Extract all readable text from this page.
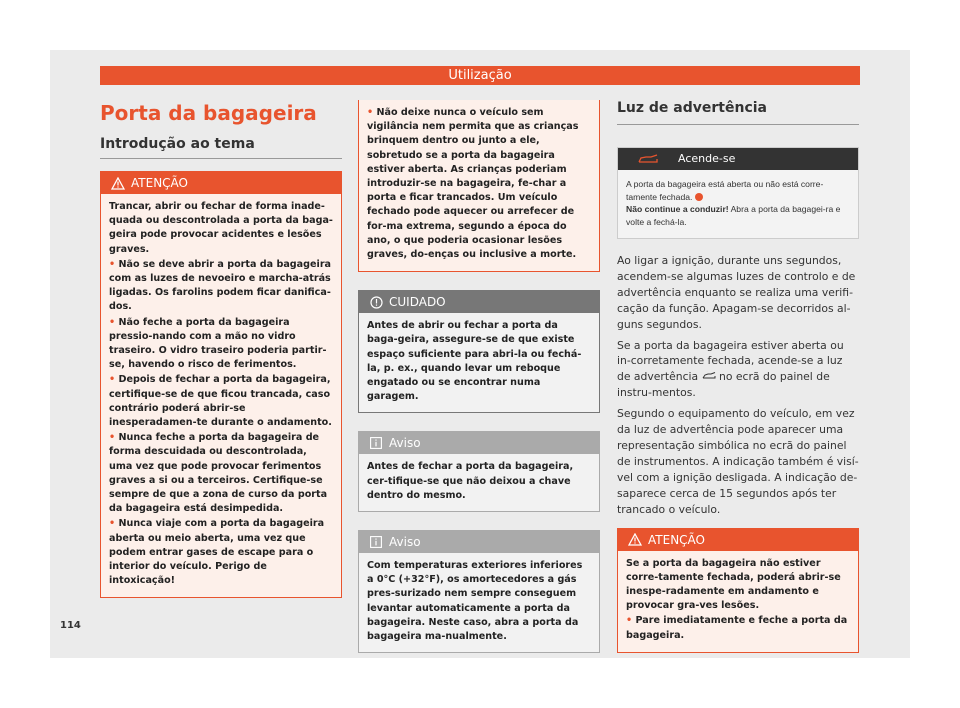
Utilização
Porta da bagageira
Introdução ao tema
ATENÇÃO

Trancar, abrir ou fechar de forma inade-quada ou descontrolada a porta da baga-geira pode provocar acidentes e lesões graves.

• Não se deve abrir a porta da bagageira com as luzes de nevoeiro e marcha-atrás ligadas. Os farolins podem ficar danifica-dos.

• Não feche a porta da bagageira pressio-nando com a mão no vidro traseiro. O vidro traseiro poderia partir-se, havendo o risco de ferimentos.

• Depois de fechar a porta da bagageira, certifique-se de que ficou trancada, caso contrário poderá abrir-se inesperadamen-te durante o andamento.

• Nunca feche a porta da bagageira de forma descuidada ou descontrolada, uma vez que pode provocar ferimentos graves a si ou a terceiros. Certifique-se sempre de que a zona de curso da porta da bagageira está desimpedida.

• Nunca viaje com a porta da bagageira aberta ou meio aberta, uma vez que podem entrar gases de escape para o interior do veículo. Perigo de intoxicação!

• Não deixe nunca o veículo sem vigilância nem permita que as crianças brinquem dentro ou junto a ele, sobretudo se a porta da bagageira estiver aberta. As crianças poderiam introduzir-se na bagageira, fe-char a porta e ficar trancados. Um veículo fechado pode aquecer ou arrefecer de for-ma extrema, segundo a época do ano, o que poderia ocasionar lesões graves, do-enças ou inclusive a morte.

CUIDADO
Antes de abrir ou fechar a porta da baga-geira, assegure-se de que existe espaço suficiente para abri-la ou fechá-la, p. ex., quando levar um reboque engatado ou se encontrar numa garagem.
Aviso
Antes de fechar a porta da bagageira, cer-tifique-se que não deixou a chave dentro do mesmo.
Aviso
Com temperaturas exteriores inferiores a 0°C (+32°F), os amortecedores a gás pres-surizado nem sempre conseguem levantar automaticamente a porta da bagageira. Neste caso, abra a porta da bagageira ma-nualmente.
Luz de advertência
Acende-se
A porta da bagageira está aberta ou não está corre-tamente fechada.
Não continue a conduzir! Abra a porta da bagagei-ra e volte a fechá-la.

Ao ligar a ignição, durante uns segundos, acendem-se algumas luzes de controlo e de advertência enquanto se realiza uma verifi-cação da função. Apagam-se decorridos al-guns segundos.

Se a porta da bagageira estiver aberta ou in-corretamente fechada, acende-se a luz de advertência no ecrã do painel de instru-mentos.

Segundo o equipamento do veículo, em vez da luz de advertência pode aparecer uma representação simbólica no ecrã do painel de instrumentos. A indicação também é visí-vel com a ignição desligada. A indicação de-saparece cerca de 15 segundos após ter trancado o veículo.

ATENÇÃO

Se a porta da bagageira não estiver corre-tamente fechada, poderá abrir-se inespe-radamente em andamento e provocar gra-ves lesões.

• Pare imediatamente e feche a porta da bagageira.

114
